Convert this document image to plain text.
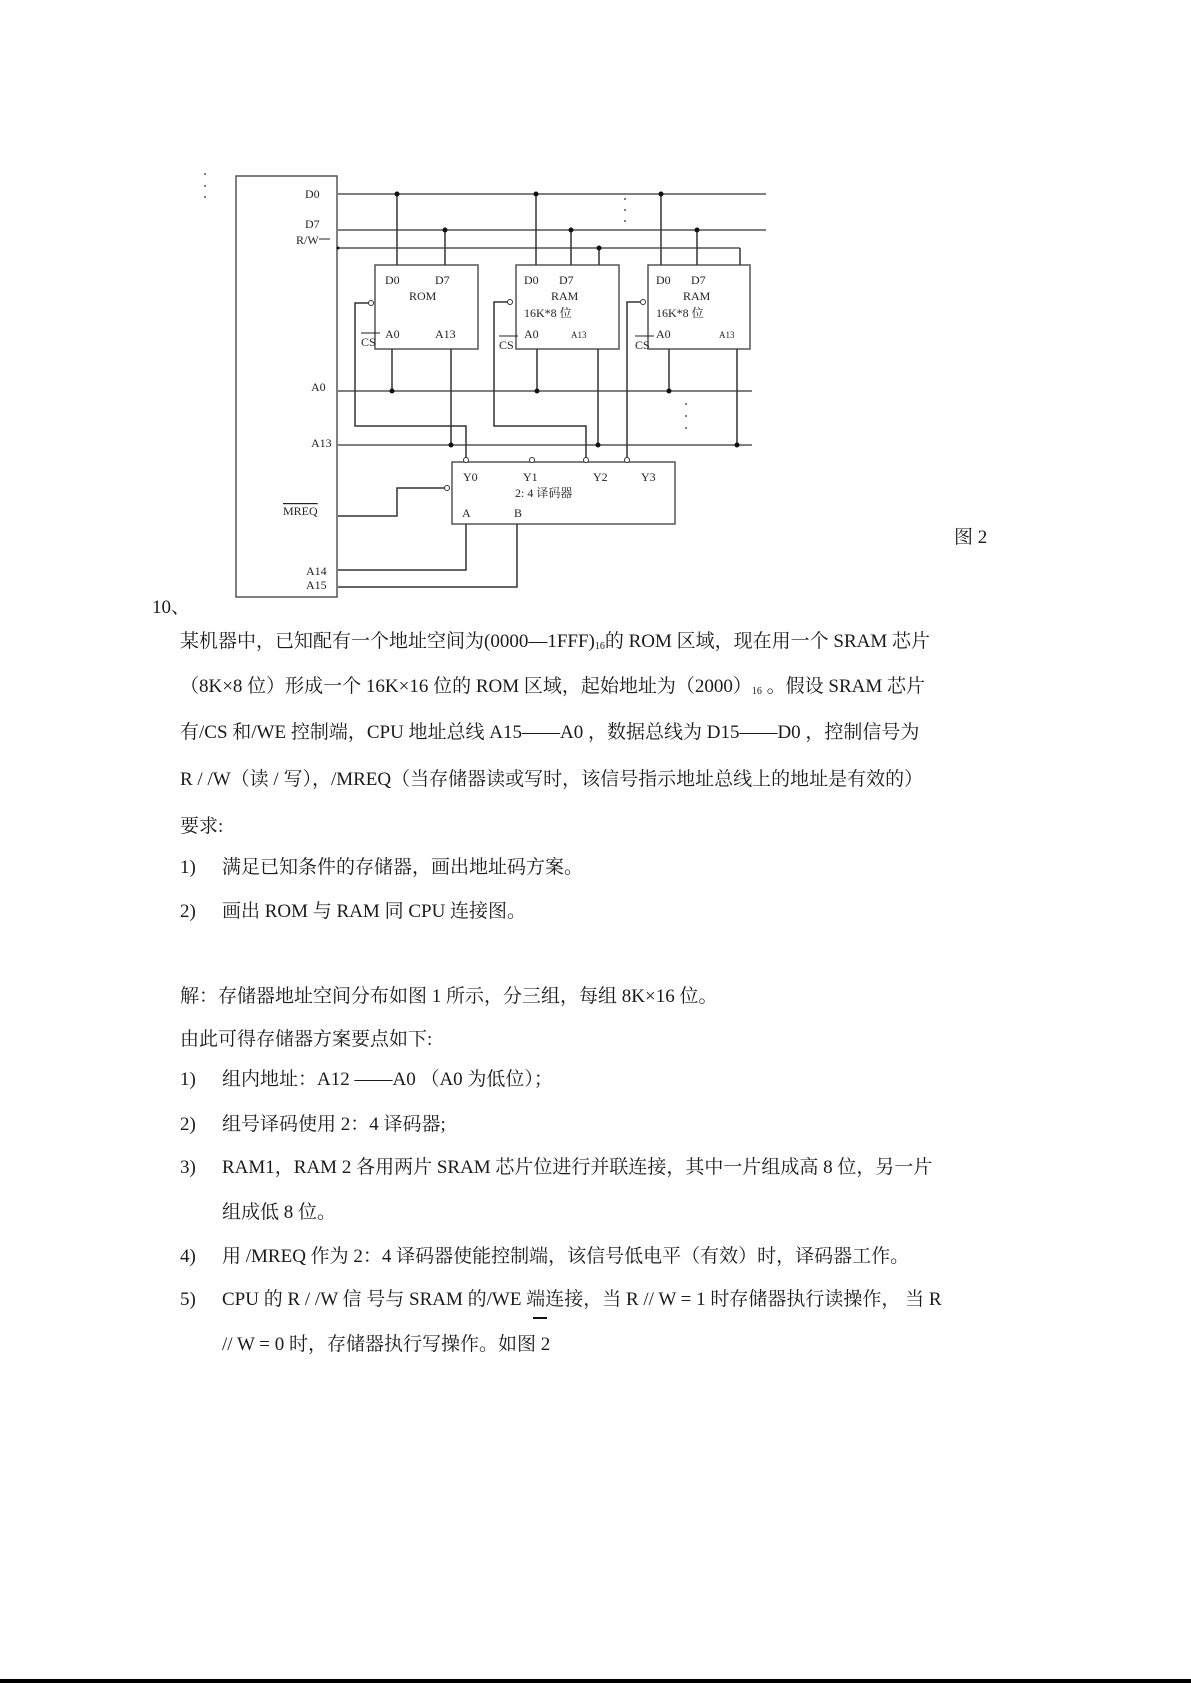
D0
D7
R/W
A0
A13
MREQ
A14
A15
D0	D7
ROM
A0	A13
CS
D0 D7
RAM
16K*8 位
A0	A13
CS
D0 D7
RAM
16K*8 位
A0	A13
CS
Y0	Y1	Y2	Y3
2: 4 译码器
A	B
图 2
10、
某机器中，已知配有一个地址空间为$(0000—1FFF)_{16}$的 ROM 区域，现在用一个 SRAM 芯片
（8K×8 位）形成一个 16K×16 位的 ROM 区域，起始地址为$(2000)_{16}$ 。假设 SRAM 芯片
有/CS 和/WE 控制端，CPU 地址总线 A15——A0 ，数据总线为 D15——D0 ，控制信号为
R / /W（读 / 写），/MREQ（当存储器读或写时，该信号指示地址总线上的地址是有效的）
要求:
1) 满足已知条件的存储器，画出地址码方案。
2) 画出 ROM 与 RAM 同 CPU 连接图。
解：存储器地址空间分布如图 1 所示，分三组，每组 8K×16 位。
由此可得存储器方案要点如下:
1) 组内地址：A12 ——A0 （A0 为低位）；
2) 组号译码使用 2：4 译码器;
3) RAM1，RAM 2 各用两片 SRAM 芯片位进行并联连接，其中一片组成高 8 位，另一片
组成低 8 位。
4) 用 /MREQ 作为 2：4 译码器使能控制端，该信号低电平（有效）时，译码器工作。
5) CPU 的 R / /W 信 号与 SRAM 的/WE 端连接，当 R // W = 1 时存储器执行读操作， 当 R
// W = 0 时，存储器执行写操作。如图 2
